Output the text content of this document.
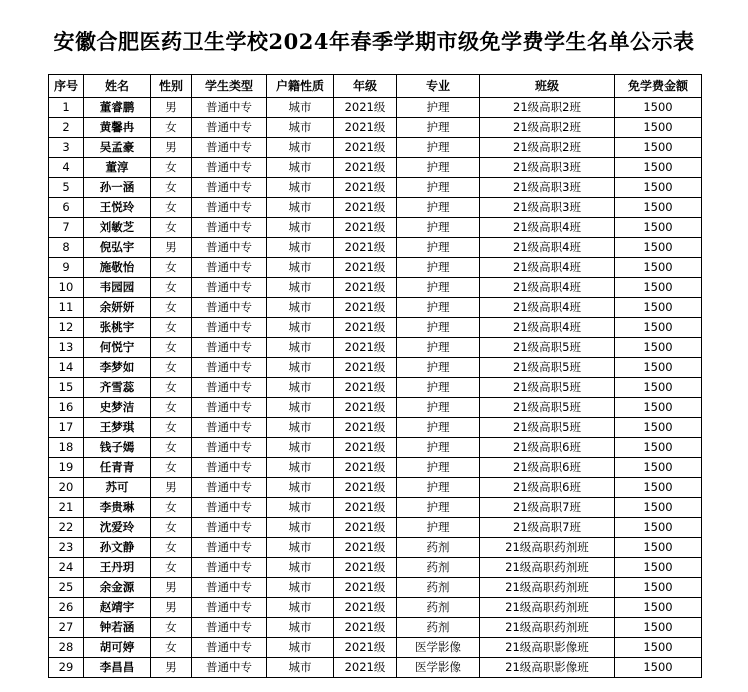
安徽合肥医药卫生学校2024年春季学期市级免学费学生名单公示表
序号	姓名	性别	学生类型	户籍性质	年级	专业	班级	免学费金额
1	董睿鹏	男	普通中专	城市	2021级	护理	21级高职2班	1500
2	黄馨冉	女	普通中专	城市	2021级	护理	21级高职2班	1500
3	吴孟豪	男	普通中专	城市	2021级	护理	21级高职2班	1500
4	董淳	女	普通中专	城市	2021级	护理	21级高职3班	1500
5	孙一涵	女	普通中专	城市	2021级	护理	21级高职3班	1500
6	王悦玲	女	普通中专	城市	2021级	护理	21级高职3班	1500
7	刘敏芝	女	普通中专	城市	2021级	护理	21级高职4班	1500
8	倪弘宇	男	普通中专	城市	2021级	护理	21级高职4班	1500
9	施敬怡	女	普通中专	城市	2021级	护理	21级高职4班	1500
10	韦园园	女	普通中专	城市	2021级	护理	21级高职4班	1500
11	余妍妍	女	普通中专	城市	2021级	护理	21级高职4班	1500
12	张桃宇	女	普通中专	城市	2021级	护理	21级高职4班	1500
13	何悦宁	女	普通中专	城市	2021级	护理	21级高职5班	1500
14	李梦如	女	普通中专	城市	2021级	护理	21级高职5班	1500
15	齐雪蕊	女	普通中专	城市	2021级	护理	21级高职5班	1500
16	史梦洁	女	普通中专	城市	2021级	护理	21级高职5班	1500
17	王梦琪	女	普通中专	城市	2021级	护理	21级高职5班	1500
18	钱子嫣	女	普通中专	城市	2021级	护理	21级高职6班	1500
19	任青青	女	普通中专	城市	2021级	护理	21级高职6班	1500
20	苏可	男	普通中专	城市	2021级	护理	21级高职6班	1500
21	李贵琳	女	普通中专	城市	2021级	护理	21级高职7班	1500
22	沈爱玲	女	普通中专	城市	2021级	护理	21级高职7班	1500
23	孙文静	女	普通中专	城市	2021级	药剂	21级高职药剂班	1500
24	王丹玥	女	普通中专	城市	2021级	药剂	21级高职药剂班	1500
25	余金源	男	普通中专	城市	2021级	药剂	21级高职药剂班	1500
26	赵靖宇	男	普通中专	城市	2021级	药剂	21级高职药剂班	1500
27	钟若涵	女	普通中专	城市	2021级	药剂	21级高职药剂班	1500
28	胡可婷	女	普通中专	城市	2021级	医学影像	21级高职影像班	1500
29	李昌昌	男	普通中专	城市	2021级	医学影像	21级高职影像班	1500
